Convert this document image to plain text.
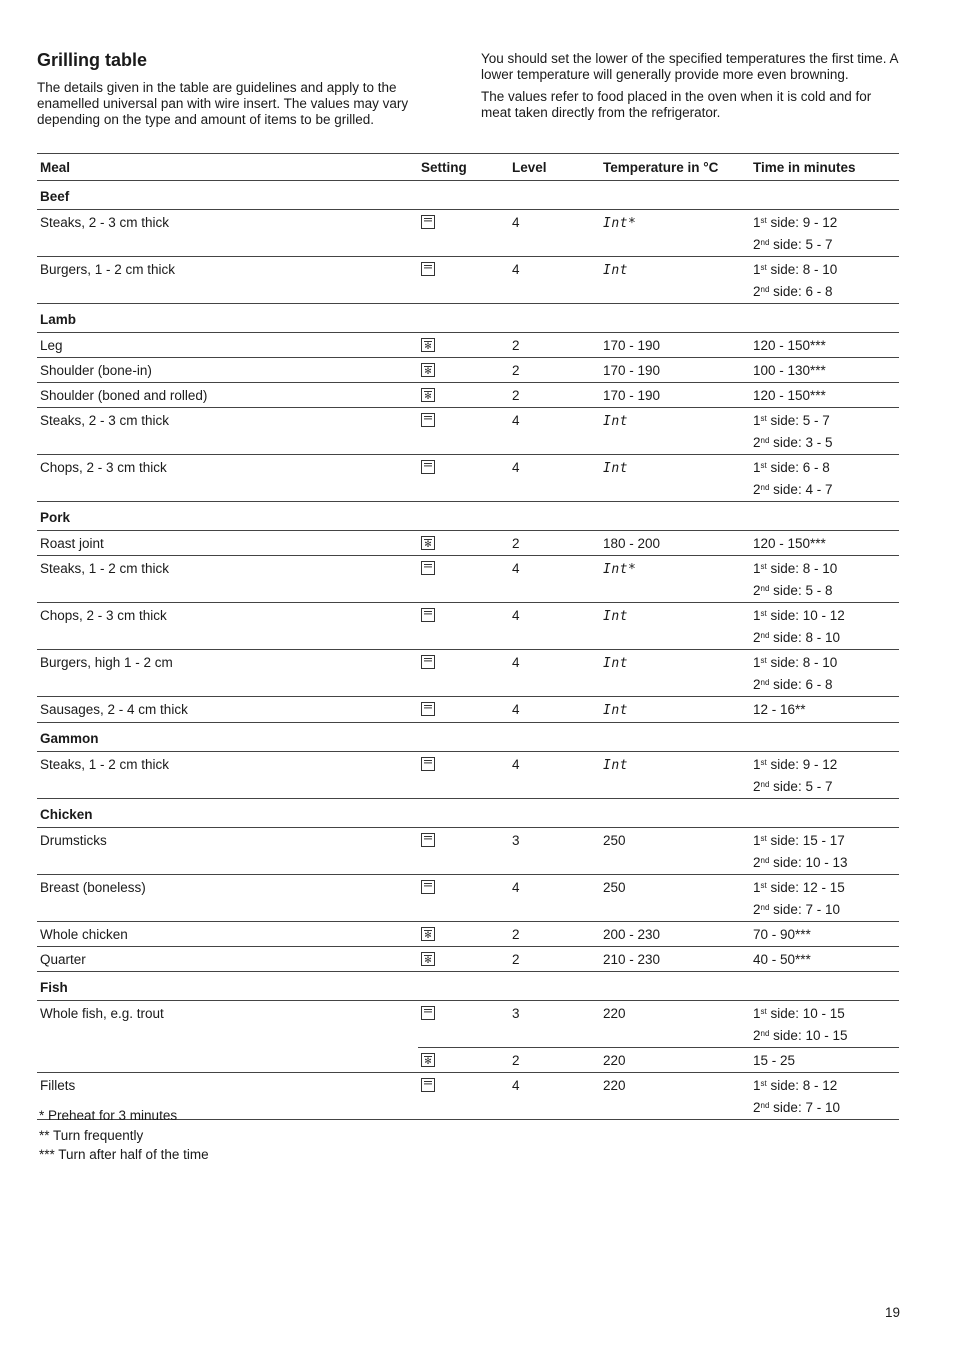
Grilling table

The details given in the table are guidelines and apply to the enamelled universal pan with wire insert. The values may vary depending on the type and amount of items to be grilled.

You should set the lower of the specified temperatures the first time. A lower temperature will generally provide more even browning.

The values refer to food placed in the oven when it is cold and for meat taken directly from the refrigerator.

Meal	Setting	Level	Temperature in °C	Time in minutes
Beef				
Steaks, 2 - 3 cm thick		4	Int*	1st side: 9 - 12
2nd side: 5 - 7

Burgers, 1 - 2 cm thick		4	Int	1st side: 8 - 10
2nd side: 6 - 8

Lamb				
Leg	✻	2	170 - 190	120 - 150***

Shoulder (bone-in)	✻	2	170 - 190	100 - 130***

Shoulder (boned and rolled)	✻	2	170 - 190	120 - 150***

Steaks, 2 - 3 cm thick		4	Int	1st side: 5 - 7
2nd side: 3 - 5

Chops, 2 - 3 cm thick		4	Int	1st side: 6 - 8
2nd side: 4 - 7

Pork				
Roast joint	✻	2	180 - 200	120 - 150***

Steaks, 1 - 2 cm thick		4	Int*	1st side: 8 - 10
2nd side: 5 - 8

Chops, 2 - 3 cm thick		4	Int	1st side: 10 - 12
2nd side: 8 - 10

Burgers, high 1 - 2 cm		4	Int	1st side: 8 - 10
2nd side: 6 - 8

Sausages, 2 - 4 cm thick		4	Int	12 - 16**

Gammon				
Steaks, 1 - 2 cm thick		4	Int	1st side: 9 - 12
2nd side: 5 - 7

Chicken				
Drumsticks		3	250	1st side: 15 - 17
2nd side: 10 - 13

Breast (boneless)		4	250	1st side: 12 - 15
2nd side: 7 - 10

Whole chicken	✻	2	200 - 230	70 - 90***

Quarter	✻	2	210 - 230	40 - 50***

Fish				
Whole fish, e.g. trout		3	220	1st side: 10 - 15
2nd side: 10 - 15

	✻	2	220	15 - 25

Fillets		4	220	1st side: 8 - 12
2nd side: 7 - 10
* Preheat for 3 minutes
** Turn frequently
*** Turn after half of the time
19
